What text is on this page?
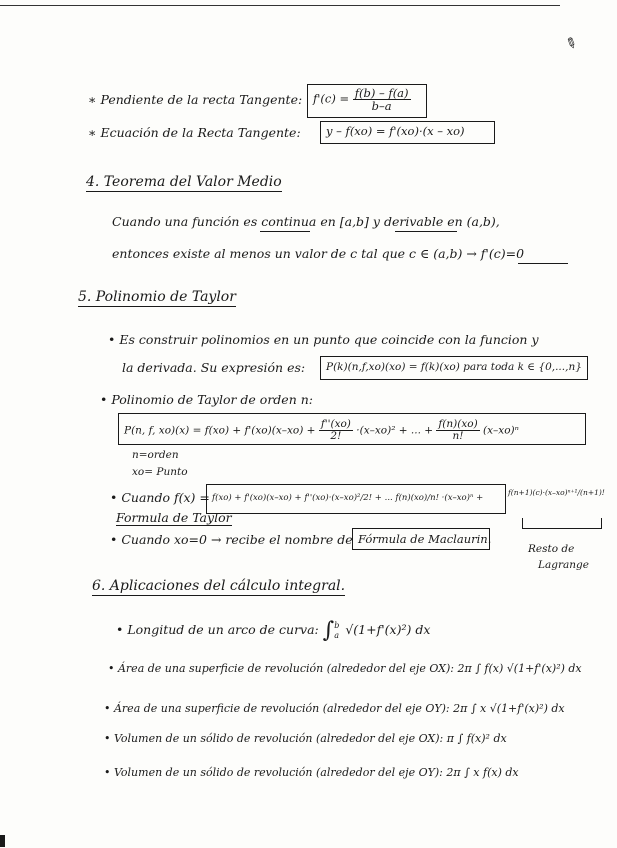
✎
∗ Pendiente de la recta Tangente: $f'(c) = \frac{f(b) - f(a)}{b-a}$
∗ Ecuación de la Recta Tangente:	y – f(xo) = f'(xo)·(x – xo)
4. Teorema del Valor Medio
Cuando una función es continua en [a,b] y derivable en (a,b),
entonces existe al menos un valor de c tal que c ∈ (a,b) → f'(c)=0
5. Polinomio de Taylor
• Es construir polinomios en un punto que coincide con la funcion y
la derivada. Su expresión es:	P(k)(n,f,xo)(xo) = f(k)(xo) para toda k ∈ {0,...,n}
• Polinomio de Taylor de orden n:
P(n, f, $xo)(x) = f(xo) + f'(xo)(x-xo) + \frac{f''(xo)}{2!} \cdot(x-xo)^2$ + ... + $\frac{f(n)(xo)}{n!} (x-xo)^n$
n=orden
xo= Punto
• Cuando f(x) = f(xo) + f'(xo)(x–xo) + f''(xo)·(x–xo)²/2! + ... f(n)(xo)/n! ·(x–xo)ⁿ +
f(n+1)(c)·(x–xo)ⁿ⁺¹/(n+1)!
Formula de Taylor
• Cuando xo=0 → recibe el nombre de Fórmula de Maclaurin.
Resto de
Lagrange
6. Aplicaciones del cálculo integral.
• Longitud de un arco de curva: ∫b
a √(1+f'(x)²) dx
• Área de una superficie de revolución (alrededor del eje OX): 2π ∫ f(x) √(1+f'(x)²) dx
• Área de una superficie de revolución (alrededor del eje OY): 2π ∫ x √(1+f'(x)²) dx
• Volumen de un sólido de revolución (alrededor del eje OX): π ∫ f(x)² dx
• Volumen de un sólido de revolución (alrededor del eje OY): 2π ∫ x f(x) dx
